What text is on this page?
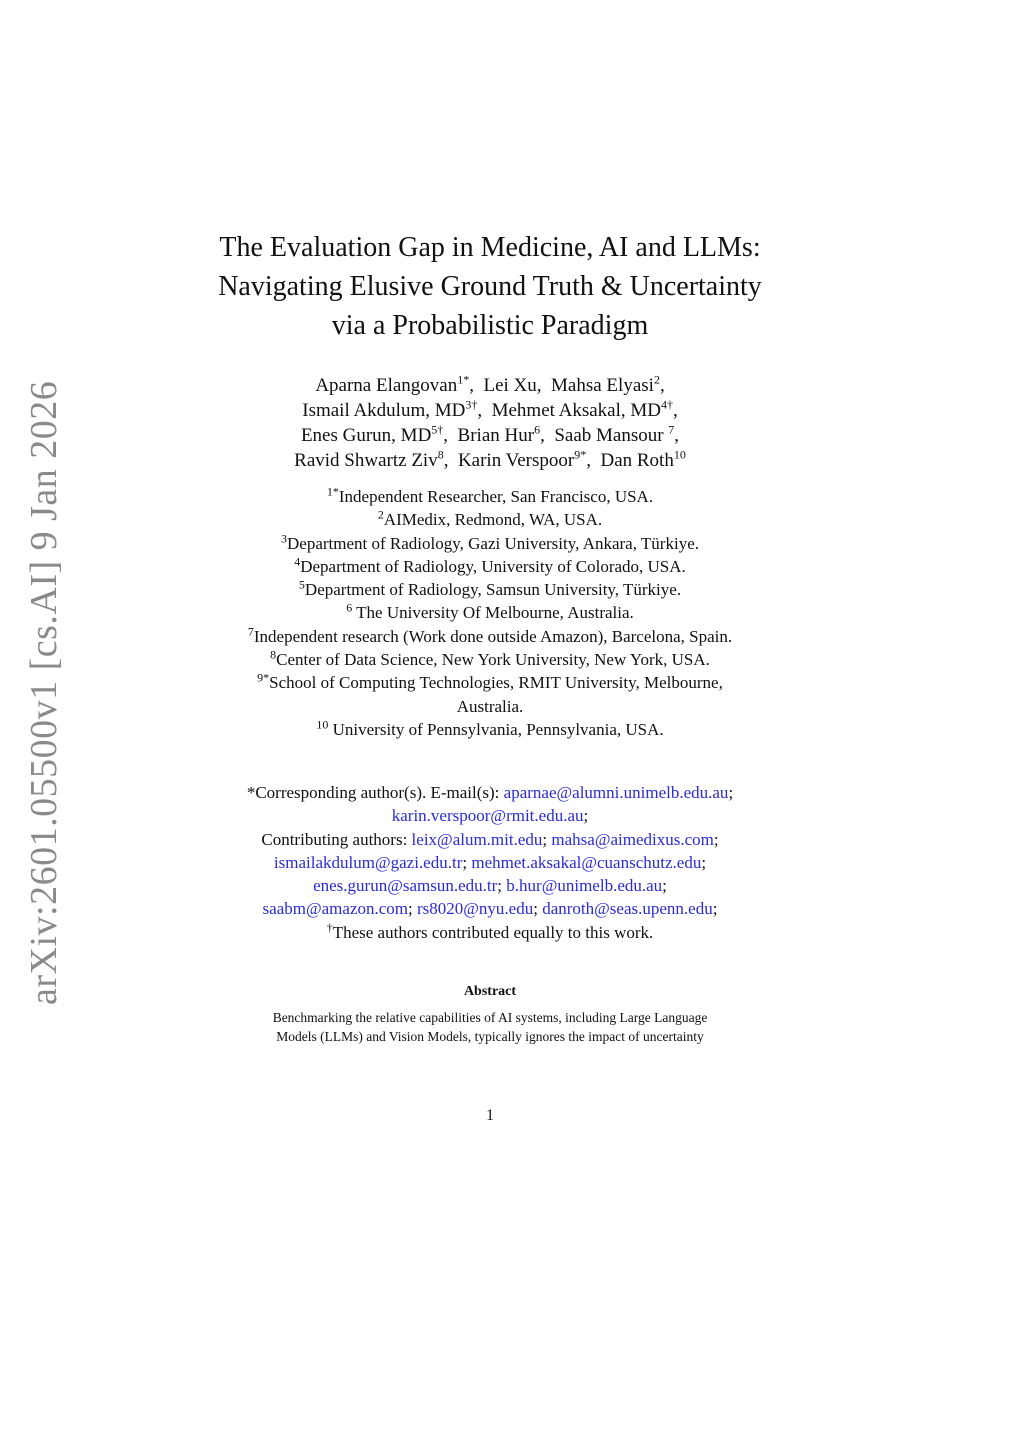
arXiv:2601.05500v1 [cs.AI] 9 Jan 2026
The Evaluation Gap in Medicine, AI and LLMs:
Navigating Elusive Ground Truth & Uncertainty
via a Probabilistic Paradigm
Aparna Elangovan$^{1*}$,  Lei Xu,  Mahsa Elyasi$^2$,
Ismail Akdulum, $MD^{3\dagger}$,  Mehmet Aksakal, $MD^{4\dagger}$,
Enes Gurun, $MD^{5\dagger}$,  Brian Hur$^6$,  Saab Mansour $^7$,
Ravid Shwartz Ziv$^8$,  Karin Verspoor$^{9*}$,  Dan Roth$^{10}$
$^{1*}$Independent Researcher, San Francisco, USA.
$^2$AIMedix, Redmond, WA, USA.
$^3$Department of Radiology, Gazi University, Ankara, Türkiye.
$^4$Department of Radiology, University of Colorado, USA.
$^5$Department of Radiology, Samsun University, Türkiye.
$^6$ The University Of Melbourne, Australia.
$^7$Independent research (Work done outside Amazon), Barcelona, Spain.
$^8$Center of Data Science, New York University, New York, USA.
$^{9*}$School of Computing Technologies, RMIT University, Melbourne,
Australia.
$^{10}$ University of Pennsylvania, Pennsylvania, USA.
*Corresponding author(s). E-mail(s): aparnae@alumni.unimelb.edu.au;
karin.verspoor@rmit.edu.au;
Contributing authors: leix@alum.mit.edu; mahsa@aimedixus.com;
ismailakdulum@gazi.edu.tr; mehmet.aksakal@cuanschutz.edu;
enes.gurun@samsun.edu.tr; b.hur@unimelb.edu.au;
saabm@amazon.com; rs8020@nyu.edu; danroth@seas.upenn.edu;
†These authors contributed equally to this work.
Abstract

Benchmarking the relative capabilities of AI systems, including Large Language

Models (LLMs) and Vision Models, typically ignores the impact of uncertainty

1
